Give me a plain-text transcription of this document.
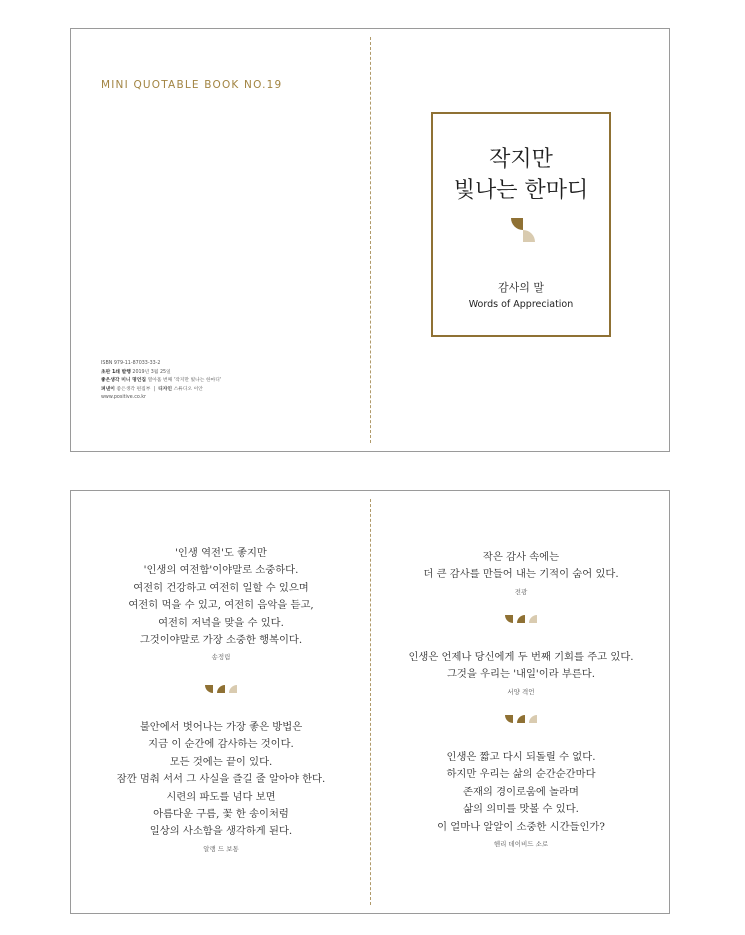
MINI QUOTABLE BOOK NO.19
ISBN 979-11-87033-33-2
초판 1쇄 발행 2019년 3월 25일
좋은생각 미니 명언집 열아홉 번째 '작지만 빛나는 한마디'
펴낸이 좋은생각 편집부  |  디자인 스튜디오 이안
www.positive.co.kr
작지만
빛나는 한마디
감사의 말
Words of Appreciation
'인생 역전'도 좋지만
'인생의 여전함'이야말로 소중하다.
여전히 건강하고 여전히 일할 수 있으며
여전히 먹을 수 있고, 여전히 음악을 듣고,
여전히 저녁을 맞을 수 있다.
그것이야말로 가장 소중한 행복이다.
송정림
불안에서 벗어나는 가장 좋은 방법은
지금 이 순간에 감사하는 것이다.
모든 것에는 끝이 있다.
잠깐 멈춰 서서 그 사실을 즐길 줄 알아야 한다.
시련의 파도를 넘다 보면
아름다운 구름, 꽃 한 송이처럼
일상의 사소함을 생각하게 된다.
알랭 드 보통
작은 감사 속에는
더 큰 감사를 만들어 내는 기적이 숨어 있다.
전광
인생은 언제나 당신에게 두 번째 기회를 주고 있다.
그것을 우리는 '내일'이라 부른다.
서양 격언
인생은 짧고 다시 되돌릴 수 없다.
하지만 우리는 삶의 순간순간마다
존재의 경이로움에 놀라며
삶의 의미를 맛볼 수 있다.
이 얼마나 알알이 소중한 시간들인가?
헨리 데이비드 소로
